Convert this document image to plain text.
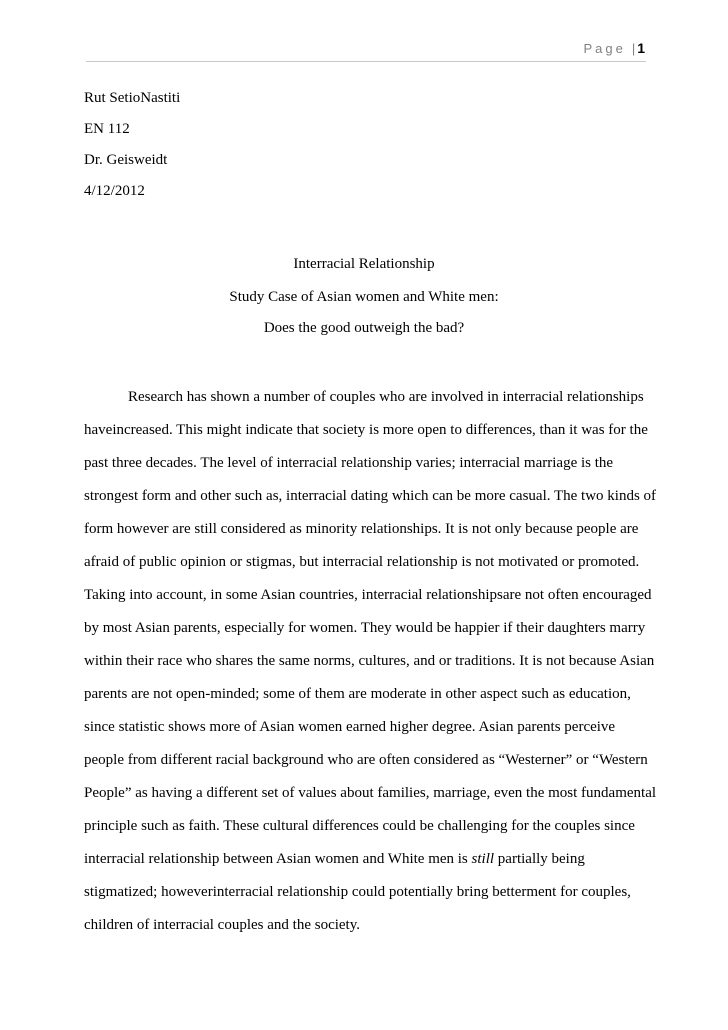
Page | 1
Rut SetioNastiti
EN 112
Dr. Geisweidt
4/12/2012
Interracial Relationship
Study Case of Asian women and White men:
Does the good outweigh the bad?
Research has shown a number of couples who are involved in interracial relationships
haveincreased. This might indicate that society is more open to differences, than it was for the
past three decades. The level of interracial relationship varies; interracial marriage is the
strongest form and other such as, interracial dating which can be more casual. The two kinds of
form however are still considered as minority relationships. It is not only because people are
afraid of public opinion or stigmas, but interracial relationship is not motivated or promoted.
Taking into account, in some Asian countries, interracial relationshipsare not often encouraged
by most Asian parents, especially for women. They would be happier if their daughters marry
within their race who shares the same norms, cultures, and or traditions. It is not because Asian
parents are not open-minded; some of them are moderate in other aspect such as education,
since statistic shows more of Asian women earned higher degree. Asian parents perceive
people from different racial background who are often considered as “Westerner” or “Western
People” as having a different set of values about families, marriage, even the most fundamental
principle such as faith. These cultural differences could be challenging for the couples since
interracial relationship between Asian women and White men is still partially being
stigmatized; howeverinterracial relationship could potentially bring betterment for couples,
children of interracial couples and the society.
